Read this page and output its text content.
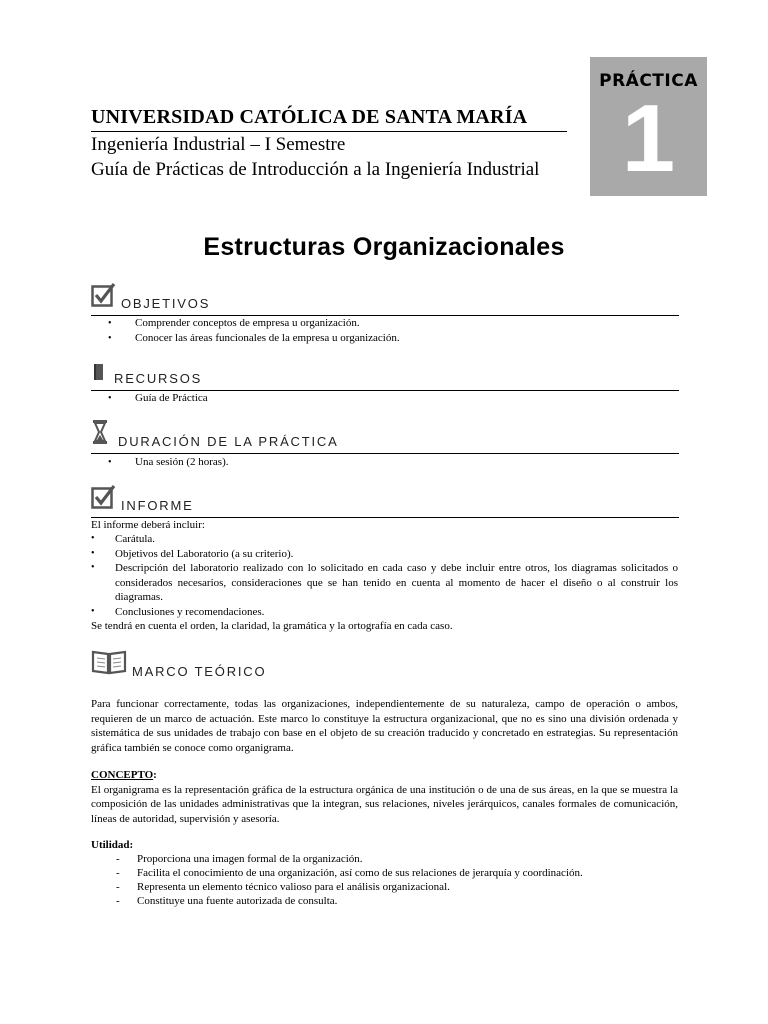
PRÁCTICA
1
UNIVERSIDAD CATÓLICA DE SANTA MARÍA
Ingeniería Industrial – I Semestre
Guía de Prácticas de Introducción a la Ingeniería Industrial
Estructuras Organizacionales
OBJETIVOS
• Comprender conceptos de empresa u organización.
• Conocer las áreas funcionales de la empresa u organización.
RECURSOS
• Guía de Práctica
DURACIÓN DE LA PRÁCTICA
• Una sesión (2 horas).
INFORME
El informe deberá incluir:
• Carátula.
• Objetivos del Laboratorio (a su criterio).
• Descripción del laboratorio realizado con lo solicitado en cada caso y debe incluir entre otros, los diagramas solicitados o considerados necesarios, consideraciones que se han tenido en cuenta al momento de hacer el diseño o al construir los diagramas.
• Conclusiones y recomendaciones.
Se tendrá en cuenta el orden, la claridad, la gramática y la ortografía en cada caso.
MARCO TEÓRICO
Para funcionar correctamente, todas las organizaciones, independientemente de su naturaleza, campo de operación o ambos, requieren de un marco de actuación. Este marco lo constituye la estructura organizacional, que no es sino una división ordenada y sistemática de sus unidades de trabajo con base en el objeto de su creación traducido y concretado en estrategias. Su representación gráfica también se conoce como organigrama.
CONCEPTO:
El organigrama es la representación gráfica de la estructura orgánica de una institución o de una de sus áreas, en la que se muestra la composición de las unidades administrativas que la integran, sus relaciones, niveles jerárquicos, canales formales de comunicación, líneas de autoridad, supervisión y asesoría.
Utilidad:
- Proporciona una imagen formal de la organización.
- Facilita el conocimiento de una organización, así como de sus relaciones de jerarquía y coordinación.
- Representa un elemento técnico valioso para el análisis organizacional.
- Constituye una fuente autorizada de consulta.
